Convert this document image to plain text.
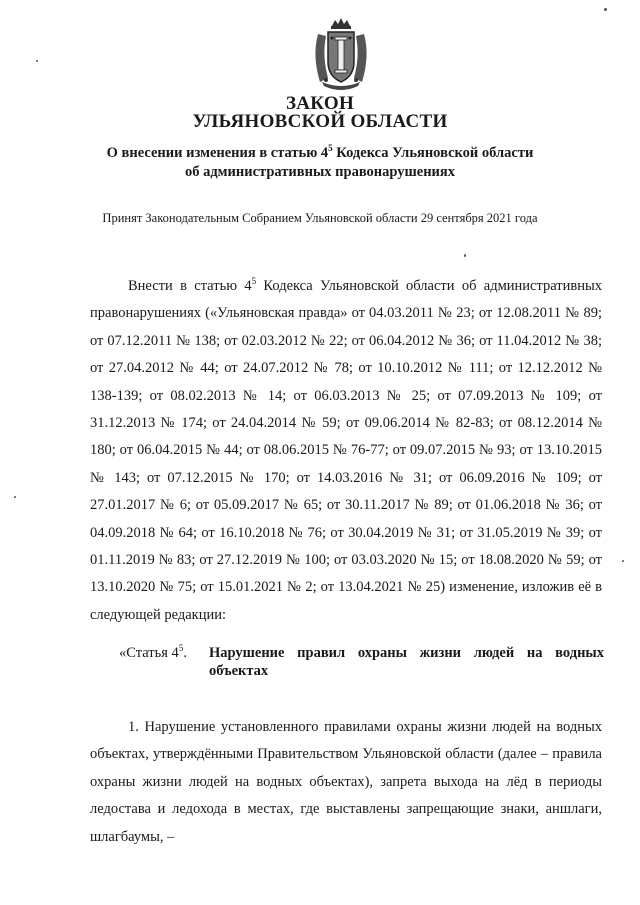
ЗАКОН
УЛЬЯНОВСКОЙ ОБЛАСТИ
О внесении изменения в статью $4^5$ Кодекса Ульяновской области
об административных правонарушениях
Принят Законодательным Собранием Ульяновской области 29 сентября 2021 года

Внести в статью $4^5$ Кодекса Ульяновской области об административных правонарушениях («Ульяновская правда» от 04.03.2011 № 23; от 12.08.2011 № 89; от 07.12.2011 № 138; от 02.03.2012 № 22; от 06.04.2012 № 36; от 11.04.2012 № 38; от 27.04.2012 № 44; от 24.07.2012 № 78; от 10.10.2012 № 111; от 12.12.2012 № 138-139; от 08.02.2013 № 14; от 06.03.2013 № 25; от 07.09.2013 № 109; от 31.12.2013 № 174; от 24.04.2014 № 59; от 09.06.2014 № 82-83; от 08.12.2014 № 180; от 06.04.2015 № 44; от 08.06.2015 № 76-77; от 09.07.2015 № 93; от 13.10.2015 № 143; от 07.12.2015 № 170; от 14.03.2016 № 31; от 06.09.2016 № 109; от 27.01.2017 № 6; от 05.09.2017 № 65; от 30.11.2017 № 89; от 01.06.2018 № 36; от 04.09.2018 № 64; от 16.10.2018 № 76; от 30.04.2019 № 31; от 31.05.2019 № 39; от 01.11.2019 № 83; от 27.12.2019 № 100; от 03.03.2020 № 15; от 18.08.2020 № 59; от 13.10.2020 № 75; от 15.01.2021 № 2; от 13.04.2021 № 25) изменение, изложив её в следующей редакции:

«Статья $4^5$. Нарушение правил охраны жизни людей на водных объектах

1. Нарушение установленного правилами охраны жизни людей на водных объектах, утверждёнными Правительством Ульяновской области (далее – правила охраны жизни людей на водных объектах), запрета выхода на лёд в периоды ледостава и ледохода в местах, где выставлены запрещающие знаки, аншлаги, шлагбаумы, –
